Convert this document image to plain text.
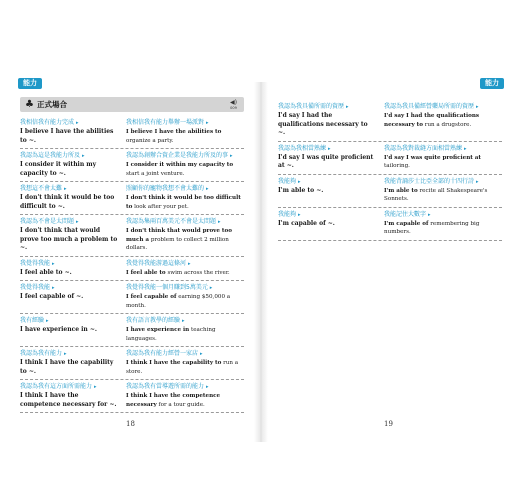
能力
♣ 正式場合	◀)
009
我相信我有能力完成 ▸
I believe I have the abilities to ~.
我相信我有能力舉辦一場派對 ▸
I believe I have the abilities to organize a party.
我認為這是我能力所及 ▸
I consider it within my capacity to ~.
我認為創辦合資企業是我能力所及的事 ▸
I consider it within my capacity to start a joint venture.
我想這不會太難 ▸
I don't think it would be too difficult to ~.
照顧你的寵物我想不會太難的 ▸
I don't think it would be too difficult to look after your pet.
我認為不會是太問題 ▸
I don't think that would prove too much a problem to ~.
我認為集兩百萬美元不會是太問題 ▸
I don't think that would prove too much a problem to collect 2 million dollars.
我覺得我能 ▸
I feel able to ~.
我覺得我能游過這條河 ▸
I feel able to swim across the river.
我覺得我能 ▸
I feel capable of ~.
我覺得我能一個月賺到5萬美元 ▸
I feel capable of earning $50,000 a month.
我有經驗 ▸
I have experience in ~.
我有語言教學的經驗 ▸
I have experience in teaching languages.
我認為我有能力 ▸
I think I have the capability to ~.
我認為我有能力經營一家店 ▸
I think I have the capability to run a store.
我認為我有這方面所需能力 ▸
I think I have the competence necessary for ~.
我認為我有當導遊所需的能力 ▸
I think I have the competence necessary for a tour guide.
18
能力
我認為我具備所需的資歷 ▸
I'd say I had the qualifications necessary to ~.
我認為我具備經營藥局所需的資歷 ▸
I'd say I had the qualifications necessary to run a drugstore.
我認為我相當熟練 ▸
I'd say I was quite proficient at ~.
我認為我對裁縫方面相當熟練 ▸
I'd say I was quite proficient at tailoring.
我能夠 ▸
I'm able to ~.
我能背誦莎士比亞全部的十四行詩 ▸
I'm able to recite all Shakespeare's Sonnets.
我能夠 ▸
I'm capable of ~.
我能記住大數字 ▸
I'm capable of remembering big numbers.
19
